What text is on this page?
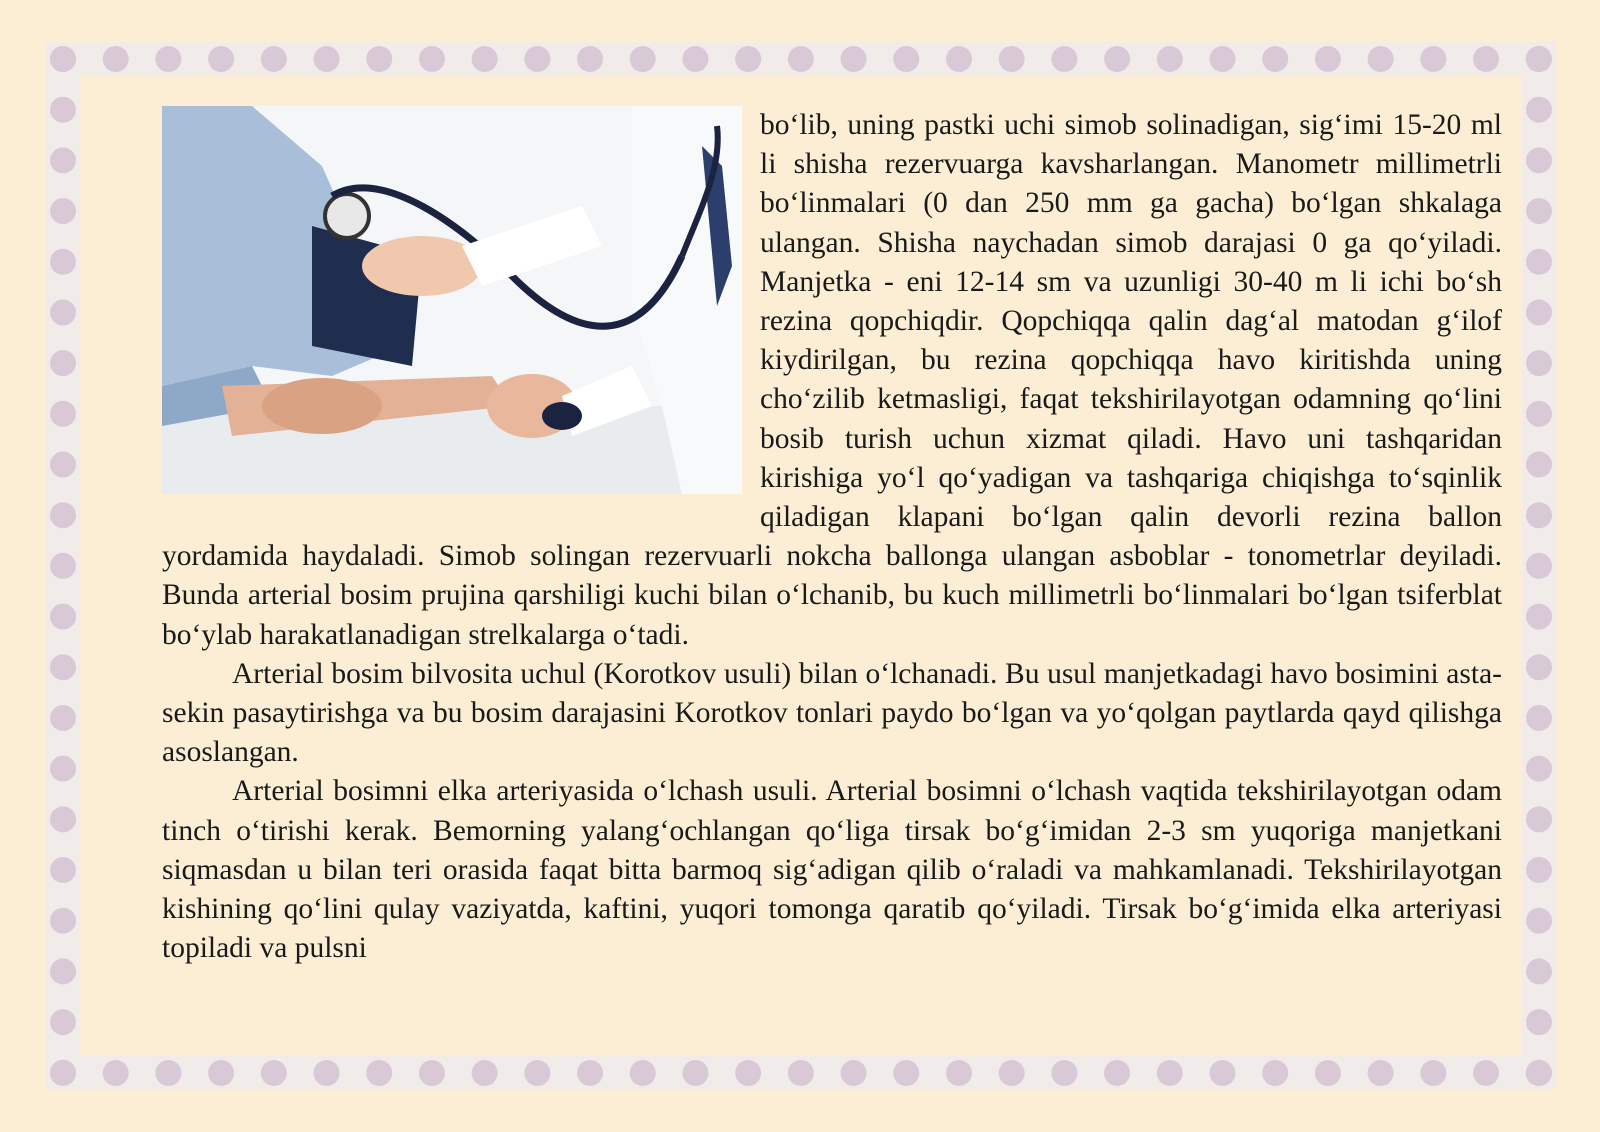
bo‘lib, uning pastki uchi simob solinadigan, sig‘imi 15-20 ml li shisha rezervuarga kavsharlangan. Manometr millimetrli bo‘linmalari (0 dan 250 mm ga gacha) bo‘lgan shkalaga ulangan. Shisha naychadan simob darajasi 0 ga qo‘yiladi. Manjetka - eni 12-14 sm va uzunligi 30-40 m li ichi bo‘sh rezina qopchiqdir. Qopchiqqa qalin dag‘al matodan g‘ilof kiydirilgan, bu rezina qopchiqqa havo kiritishda uning cho‘zilib ketmasligi, faqat tekshirilayotgan odamning qo‘lini bosib turish uchun xizmat qiladi. Havo uni tashqaridan kirishiga yo‘l qo‘yadigan va tashqariga chiqishga to‘sqinlik qiladigan klapani bo‘lgan qalin devorli rezina ballon yordamida haydaladi. Simob solingan rezervuarli nokcha ballonga ulangan asboblar - tonometrlar deyiladi. Bunda arterial bosim prujina qarshiligi kuchi bilan o‘lchanib, bu kuch millimetrli bo‘linmalari bo‘lgan tsiferblat bo‘ylab harakatlanadigan strelkalarga o‘tadi.

Arterial bosim bilvosita uchul (Korotkov usuli) bilan o‘lchanadi. Bu usul manjetkadagi havo bosimini asta-sekin pasaytirishga va bu bosim darajasini Korotkov tonlari paydo bo‘lgan va yo‘qolgan paytlarda qayd qilishga asoslangan.

Arterial bosimni elka arteriyasida o‘lchash usuli. Arterial bosimni o‘lchash vaqtida tekshirilayotgan odam tinch o‘tirishi kerak. Bemorning yalang‘ochlangan qo‘liga tirsak bo‘g‘imidan 2-3 sm yuqoriga manjetkani siqmasdan u bilan teri orasida faqat bitta barmoq sig‘adigan qilib o‘raladi va mahkamlanadi. Tekshirilayotgan kishining qo‘lini qulay vaziyatda, kaftini, yuqori tomonga qaratib qo‘yiladi. Tirsak bo‘g‘imida elka arteriyasi topiladi va pulsni
